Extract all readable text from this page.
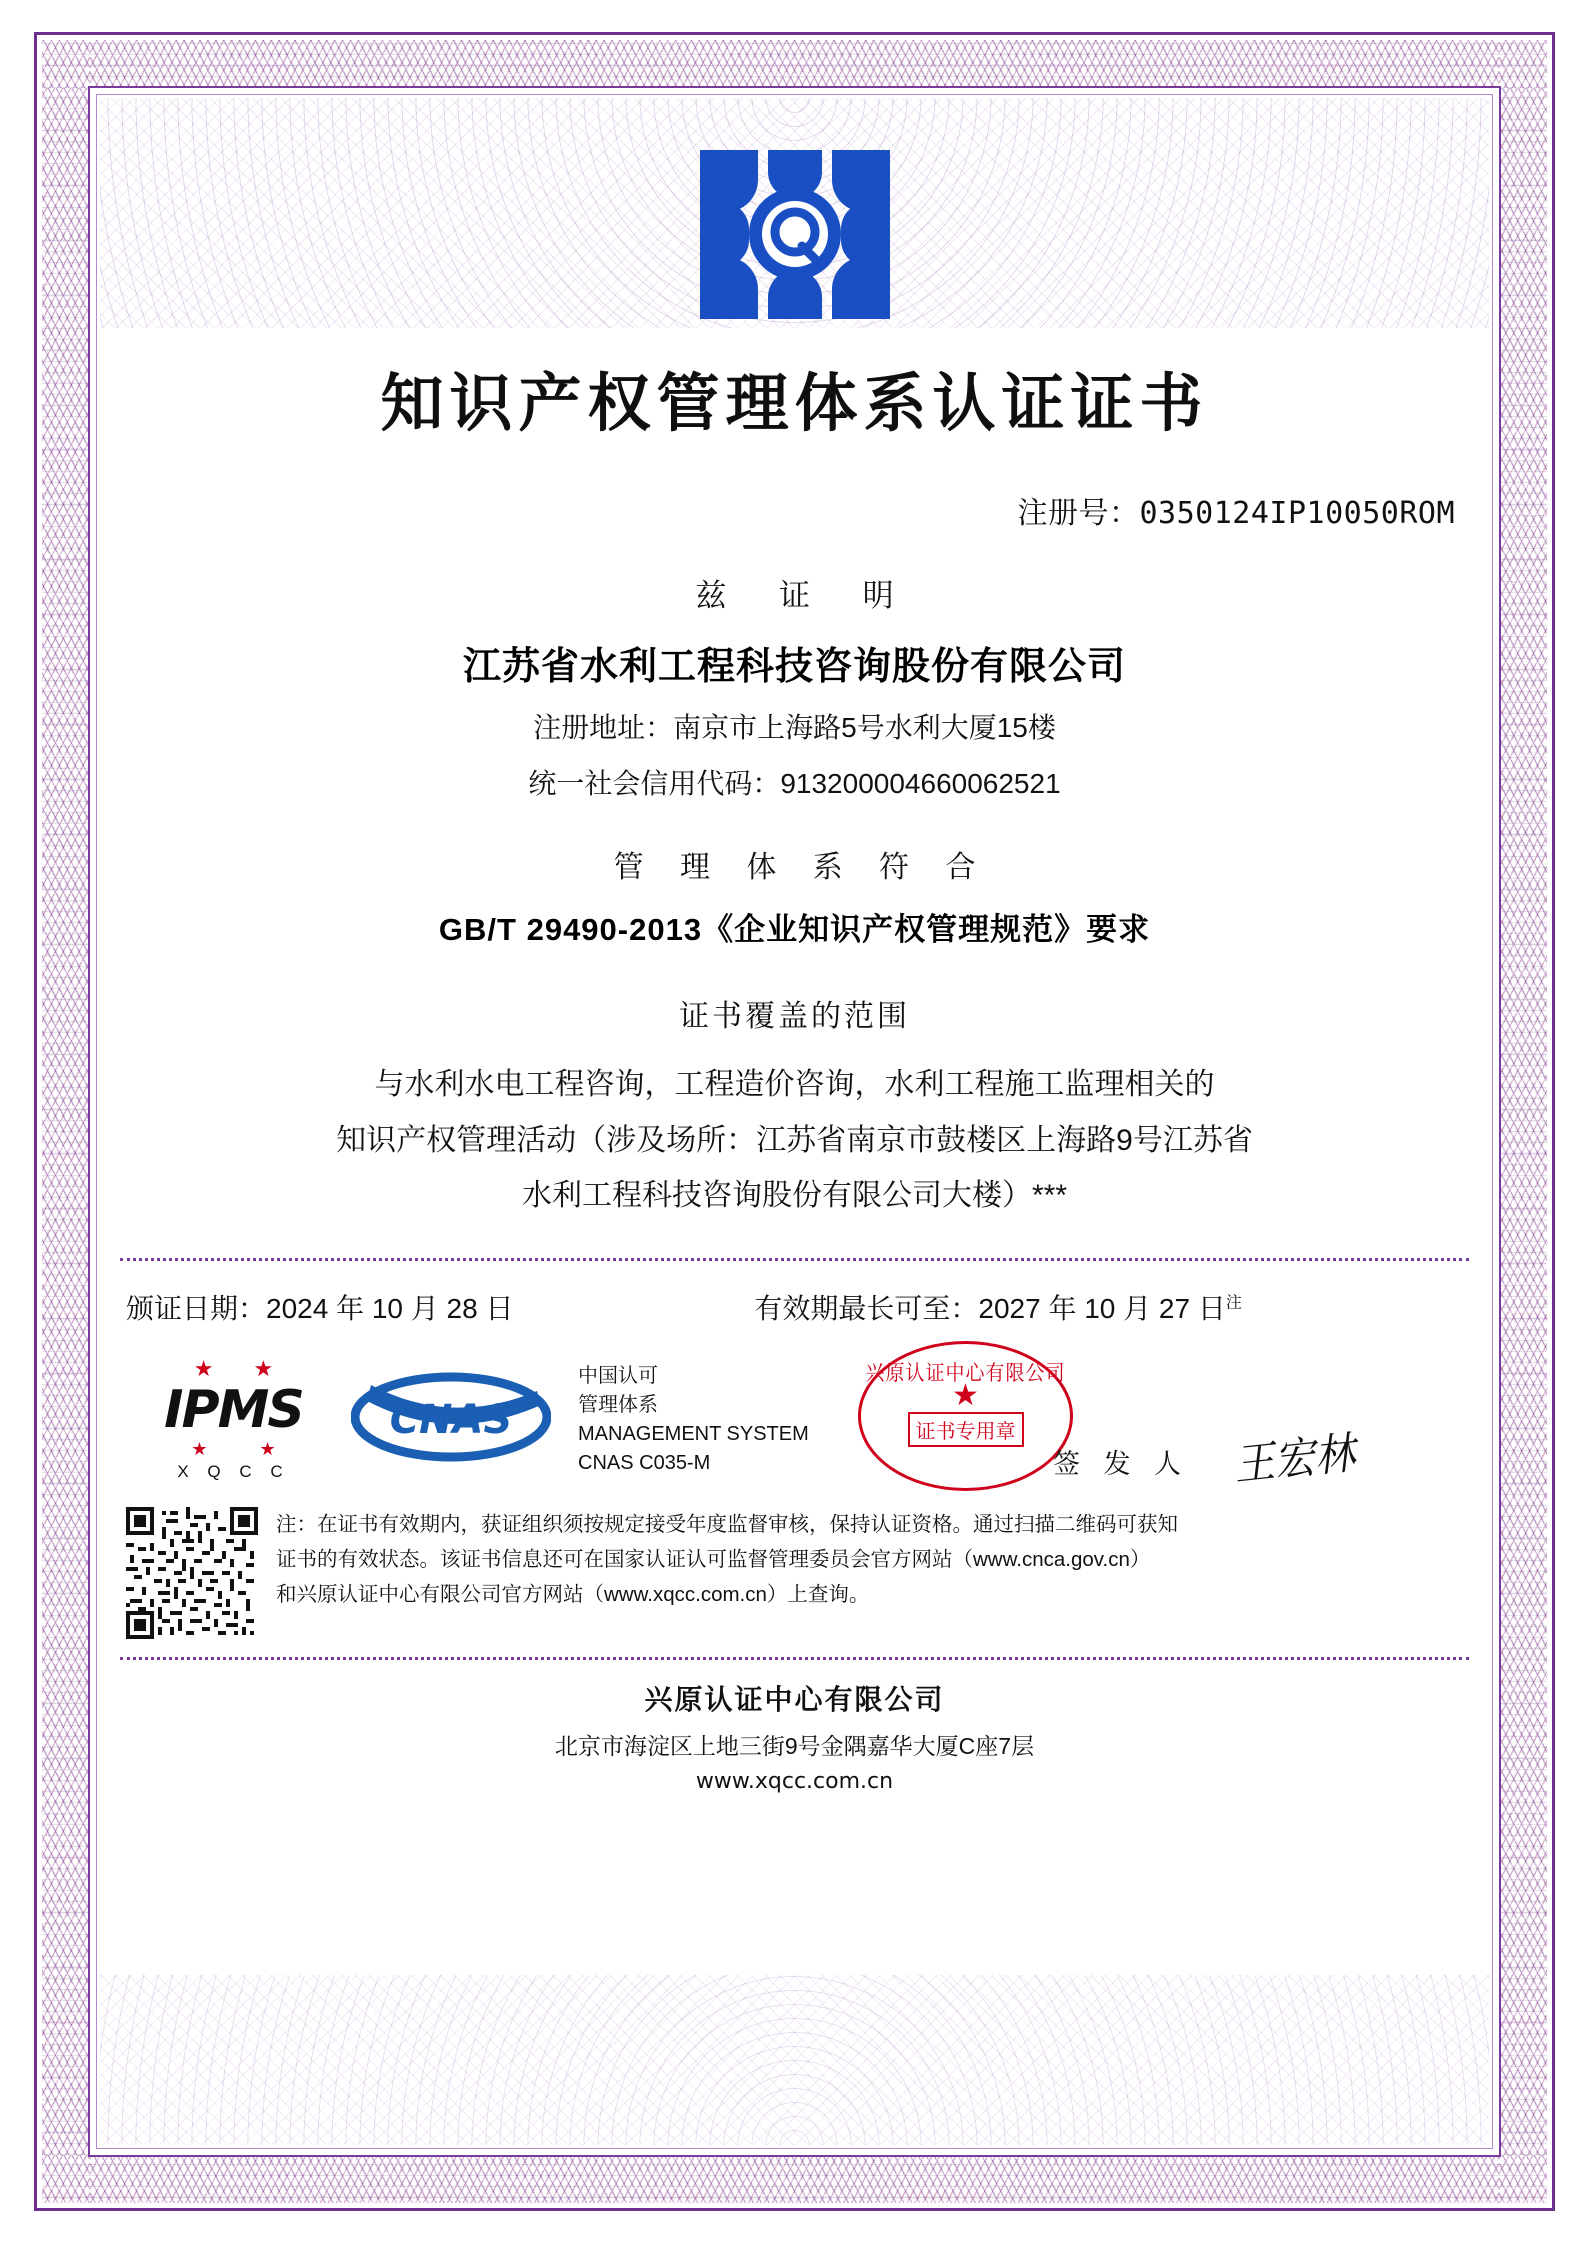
知识产权管理体系认证证书
注册号：0350124IP10050ROM
兹 证 明
江苏省水利工程科技咨询股份有限公司
注册地址：南京市上海路5号水利大厦15楼
统一社会信用代码：913200004660062521
管 理 体 系 符 合
GB/T 29490-2013《企业知识产权管理规范》要求
证书覆盖的范围

与水利水电工程咨询，工程造价咨询，水利工程施工监理相关的

知识产权管理活动（涉及场所：江苏省南京市鼓楼区上海路9号江苏省

水利工程科技咨询股份有限公司大楼）***

颁证日期：2024 年 10 月 28 日	有效期最长可至：2027 年 10 月 27 日$^注$
★★
IPMS
★★
X Q C C
CNAS
中国认可
管理体系
MANAGEMENT SYSTEM
CNAS C035-M
兴原认证中心有限公司
★
证书专用章
签 发 人 王宏林

注：在证书有效期内，获证组织须按规定接受年度监督审核，保持认证资格。通过扫描二维码可获知

证书的有效状态。该证书信息还可在国家认证认可监督管理委员会官方网站（www.cnca.gov.cn）

和兴原认证中心有限公司官方网站（www.xqcc.com.cn）上查询。

兴原认证中心有限公司
北京市海淀区上地三街9号金隅嘉华大厦C座7层
www.xqcc.com.cn
